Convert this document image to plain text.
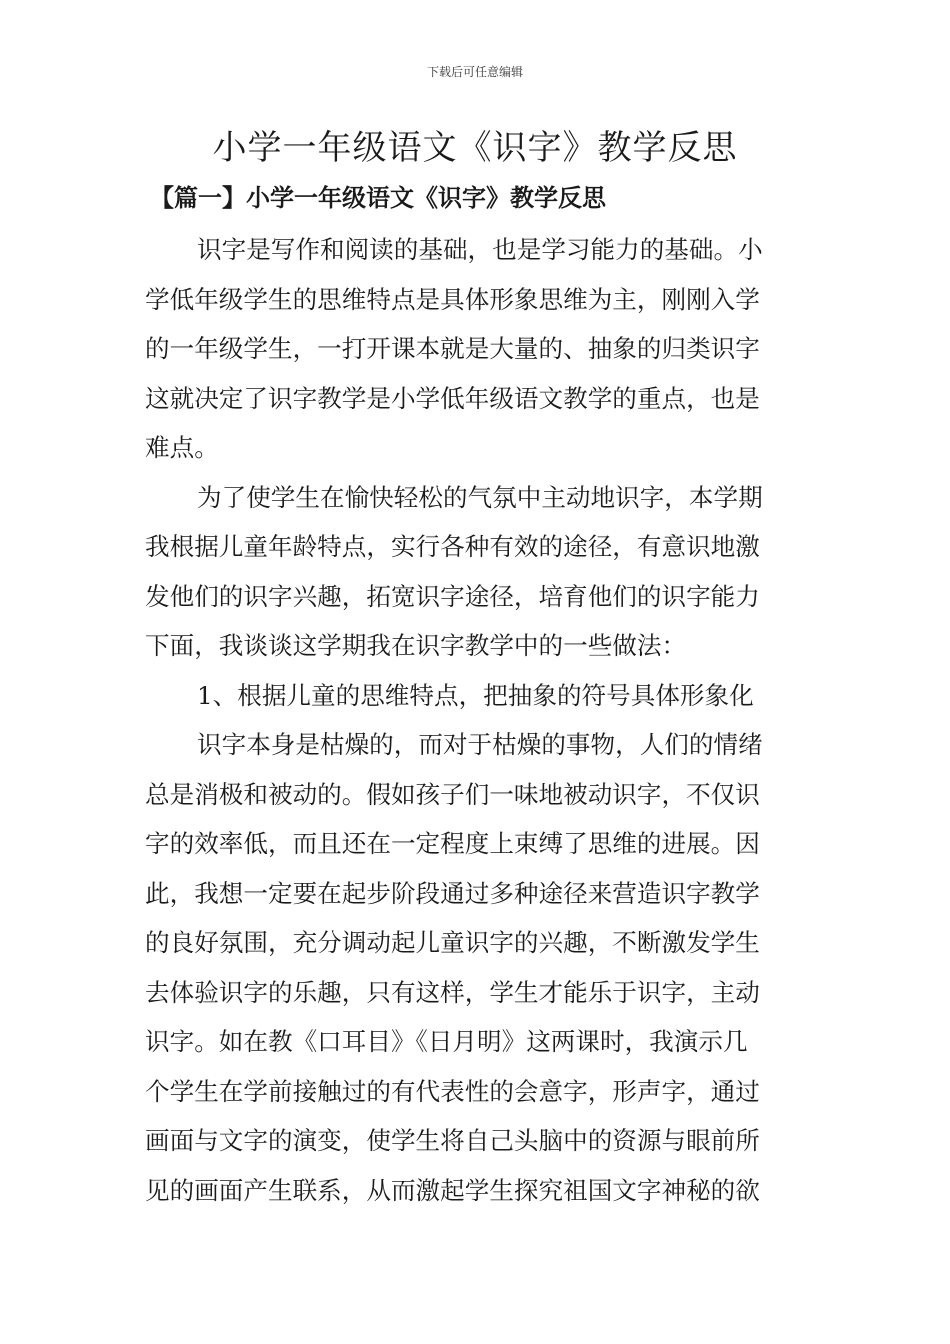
下载后可任意编辑
小学一年级语文《识字》教学反思
【篇一】小学一年级语文《识字》教学反思
识字是写作和阅读的基础，也是学习能力的基础。小
学低年级学生的思维特点是具体形象思维为主，刚刚入学
的一年级学生，一打开课本就是大量的、抽象的归类识字
这就决定了识字教学是小学低年级语文教学的重点，也是
难点。
为了使学生在愉快轻松的气氛中主动地识字，本学期
我根据儿童年龄特点，实行各种有效的途径，有意识地激
发他们的识字兴趣，拓宽识字途径，培育他们的识字能力
下面，我谈谈这学期我在识字教学中的一些做法：
1、根据儿童的思维特点，把抽象的符号具体形象化
识字本身是枯燥的，而对于枯燥的事物，人们的情绪
总是消极和被动的。假如孩子们一味地被动识字，不仅识
字的效率低，而且还在一定程度上束缚了思维的进展。因
此，我想一定要在起步阶段通过多种途径来营造识字教学
的良好氛围，充分调动起儿童识字的兴趣，不断激发学生
去体验识字的乐趣，只有这样，学生才能乐于识字，主动
识字。如在教《口耳目》《日月明》这两课时，我演示几
个学生在学前接触过的有代表性的会意字，形声字，通过
画面与文字的演变，使学生将自己头脑中的资源与眼前所
见的画面产生联系，从而激起学生探究祖国文字神秘的欲
